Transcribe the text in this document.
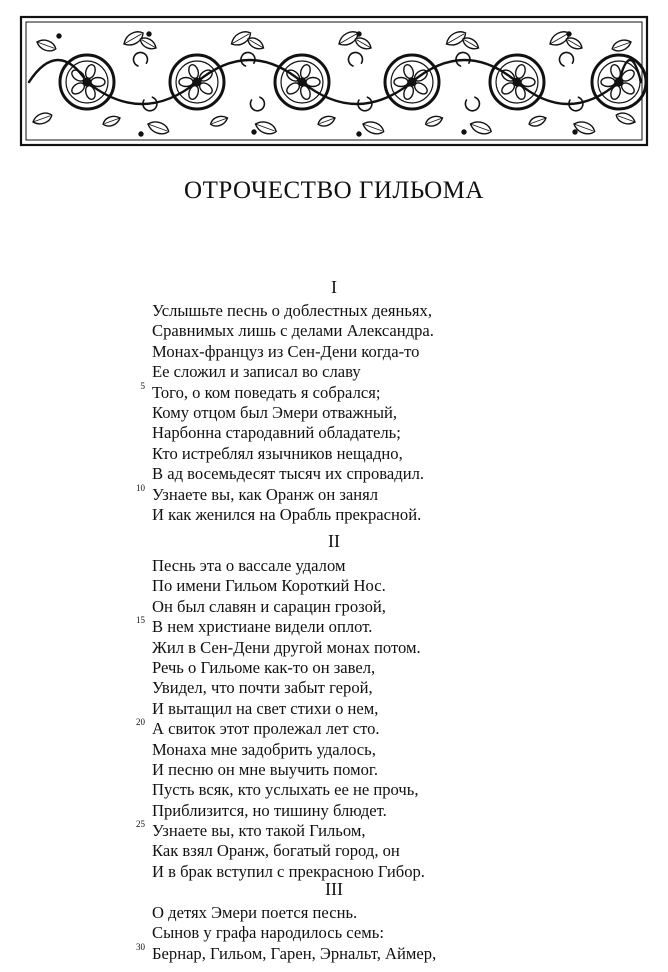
ОТРОЧЕСТВО ГИЛЬОМА
I
Услышьте песнь о доблестных деяньях,
Сравнимых лишь с делами Александра.
Монах-француз из Сен-Дени когда-то
Ее сложил и записал во славу
5 Того, о ком поведать я собрался;
Кому отцом был Эмери отважный,
Нарбонна стародавний обладатель;
Кто истреблял язычников нещадно,
В ад восемьдесят тысяч их спровадил.
10 Узнаете вы, как Оранж он занял
И как женился на Орабль прекрасной.
II
Песнь эта о вассале удалом
По имени Гильом Короткий Нос.
Он был славян и сарацин грозой,
15 В нем христиане видели оплот.
Жил в Сен-Дени другой монах потом.
Речь о Гильоме как-то он завел,
Увидел, что почти забыт герой,
И вытащил на свет стихи о нем,
20 А свиток этот пролежал лет сто.
Монаха мне задобрить удалось,
И песню он мне выучить помог.
Пусть всяк, кто услыхать ее не прочь,
Приблизится, но тишину блюдет.
25 Узнаете вы, кто такой Гильом,
Как взял Оранж, богатый город, он
И в брак вступил с прекрасною Гибор.
III
О детях Эмери поется песнь.
Сынов у графа народилось семь:
30 Бернар, Гильом, Гарен, Эрнальт, Аймер,
